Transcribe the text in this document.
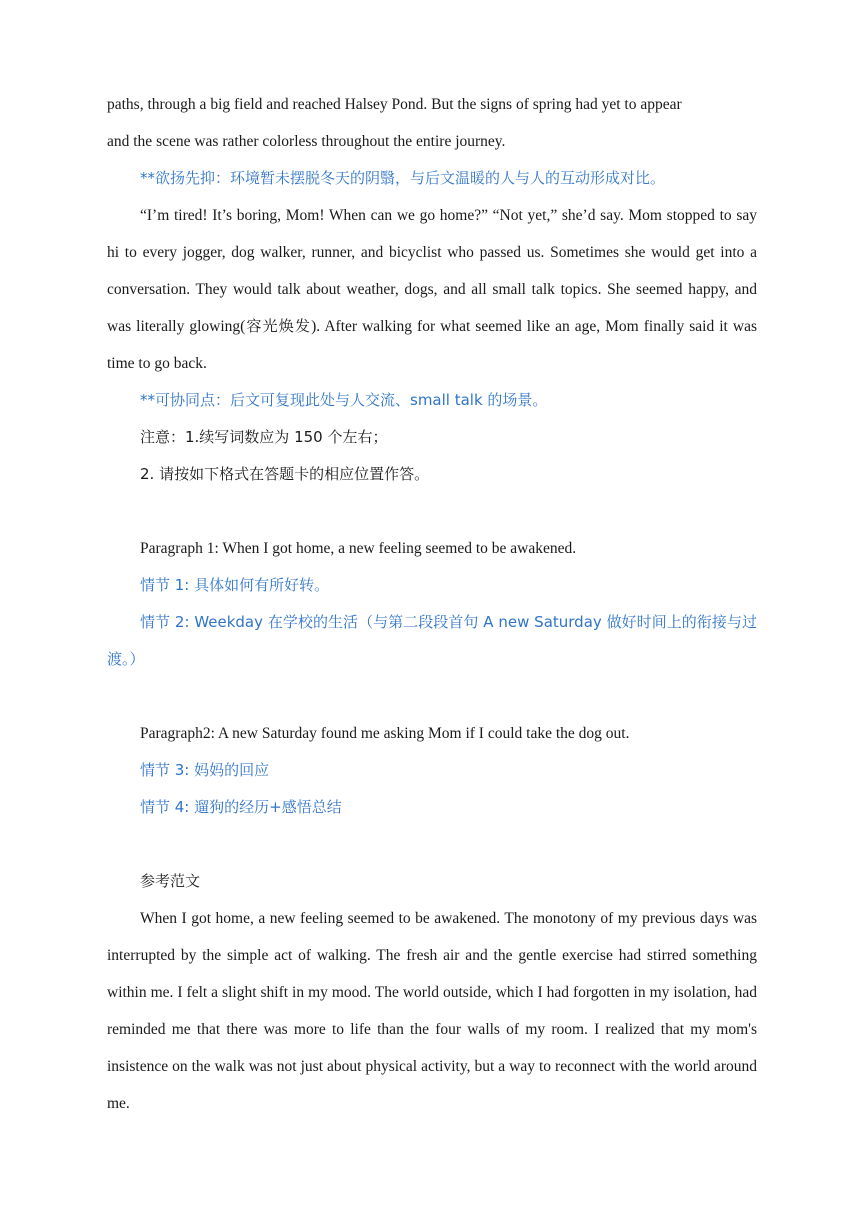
paths, through a big field and reached Halsey Pond. But the signs of spring had yet to appear
and the scene was rather colorless throughout the entire journey.

**欲扬先抑：环境暂未摆脱冬天的阴翳，与后文温暖的人与人的互动形成对比。

“I’m tired! It’s boring, Mom! When can we go home?” “Not yet,” she’d say. Mom stopped to say hi to every jogger, dog walker, runner, and bicyclist who passed us. Sometimes she would get into a conversation. They would talk about weather, dogs, and all small talk topics. She seemed happy, and was literally glowing(容光焕发). After walking for what seemed like an age, Mom finally said it was time to go back.

**可协同点：后文可复现此处与人交流、small talk 的场景。

注意：1.续写词数应为 150 个左右；

2. 请按如下格式在答题卡的相应位置作答。

Paragraph 1: When I got home, a new feeling seemed to be awakened.

情节 1: 具体如何有所好转。

情节 2: Weekday 在学校的生活（与第二段段首句 A new Saturday 做好时间上的衔接与过渡。）

Paragraph2: A new Saturday found me asking Mom if I could take the dog out.

情节 3: 妈妈的回应

情节 4: 遛狗的经历+感悟总结

参考范文

When I got home, a new feeling seemed to be awakened. The monotony of my previous days was interrupted by the simple act of walking. The fresh air and the gentle exercise had stirred something within me. I felt a slight shift in my mood. The world outside, which I had forgotten in my isolation, had reminded me that there was more to life than the four walls of my room. I realized that my mom's insistence on the walk was not just about physical activity, but a way to reconnect with the world around me.
